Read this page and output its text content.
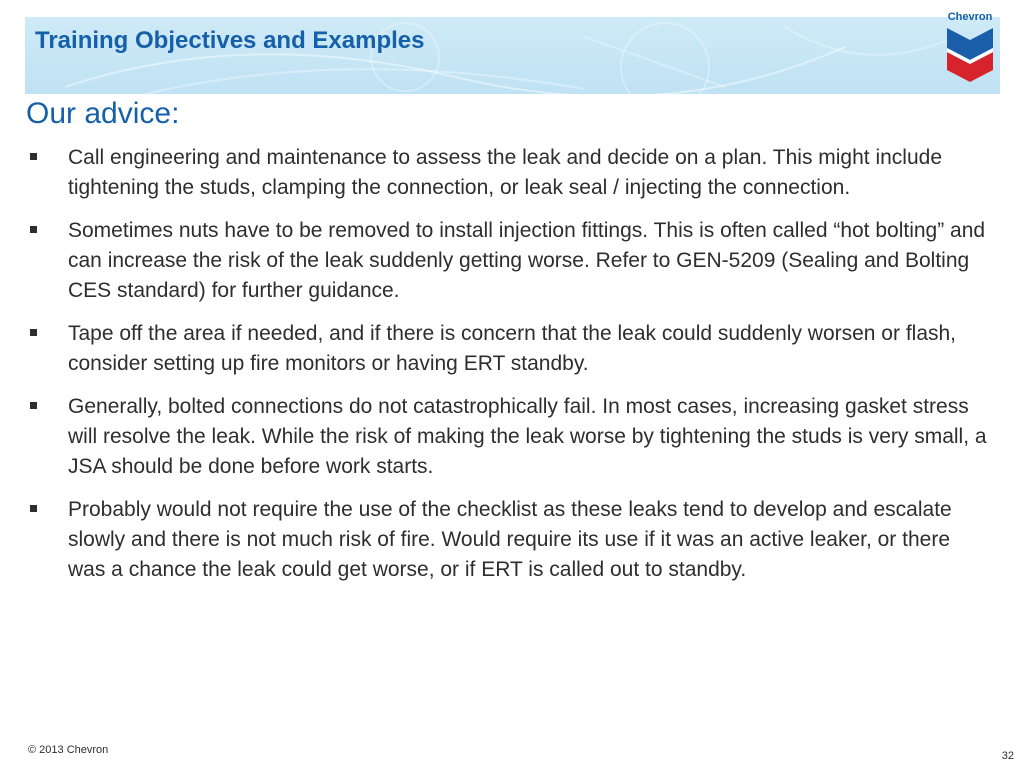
Training Objectives and Examples
Chevron
Our advice:
Call engineering and maintenance to assess the leak and decide on a plan. This might include tightening the studs, clamping the connection, or leak seal / injecting the connection.
Sometimes nuts have to be removed to install injection fittings. This is often called “hot bolting” and can increase the risk of the leak suddenly getting worse. Refer to GEN-5209 (Sealing and Bolting CES standard) for further guidance.
Tape off the area if needed, and if there is concern that the leak could suddenly worsen or flash, consider setting up fire monitors or having ERT standby.
Generally, bolted connections do not catastrophically fail. In most cases, increasing gasket stress will resolve the leak. While the risk of making the leak worse by tightening the studs is very small, a JSA should be done before work starts.
Probably would not require the use of the checklist as these leaks tend to develop and escalate slowly and there is not much risk of fire. Would require its use if it was an active leaker, or there was a chance the leak could get worse, or if ERT is called out to standby.
© 2013 Chevron	32
